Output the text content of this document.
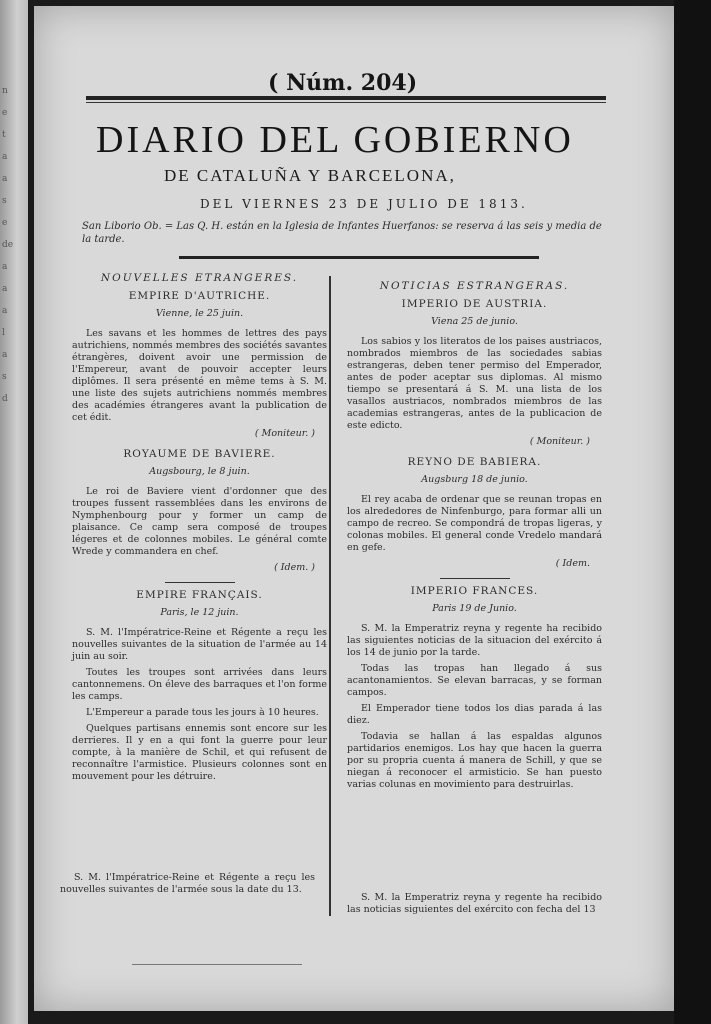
n
e
t
a
a
s
e
de
a
a
a
l
a
s
d
( Núm. 204)
DIARIO DEL GOBIERNO
DE CATALUÑA Y BARCELONA,
DEL VIERNES 23 DE JULIO DE 1813.
San Liborio Ob. = Las Q. H. están en la Iglesia de Infantes Huerfanos: se reserva á las seis y media de la tarde.
NOUVELLES ETRANGERES.
EMPIRE D'AUTRICHE.
Vienne, le 25 juin.

Les savans et les hommes de lettres des pays autrichiens, nommés membres des sociétés savantes étrangères, doivent avoir une permission de l'Empereur, avant de pouvoir accepter leurs diplômes. Il sera présenté en même tems à S. M. une liste des sujets autrichiens nommés membres des académies étrangeres avant la publication de cet édit.

( Moniteur. )
ROYAUME DE BAVIERE.
Augsbourg, le 8 juin.

Le roi de Baviere vient d'ordonner que des troupes fussent rassemblées dans les environs de Nymphenbourg pour y former un camp de plaisance. Ce camp sera composé de troupes légeres et de colonnes mobiles. Le général comte Wrede y commandera en chef.

( Idem. )
EMPIRE FRANÇAIS.
Paris, le 12 juin.

S. M. l'Impératrice-Reine et Régente a reçu les nouvelles suivantes de la situation de l'armée au 14 juin au soir.

Toutes les troupes sont arrivées dans leurs cantonnemens. On éleve des barraques et l'on forme les camps.

L'Empereur a parade tous les jours à 10 heures.

Quelques partisans ennemis sont encore sur les derrieres. Il y en a qui font la guerre pour leur compte, à la manière de Schil, et qui refusent de reconnaître l'armistice. Plusieurs colonnes sont en mouvement pour les détruire.

NOTICIAS ESTRANGERAS.
IMPERIO DE AUSTRIA.
Viena 25 de junio.

Los sabios y los literatos de los paises austriacos, nombrados miembros de las sociedades sabias estrangeras, deben tener permiso del Emperador, antes de poder aceptar sus diplomas. Al mismo tiempo se presentará á S. M. una lista de los vasallos austriacos, nombrados miembros de las academias estrangeras, antes de la publicacion de este edicto.

( Moniteur. )
REYNO DE BABIERA.
Augsburg 18 de junio.

El rey acaba de ordenar que se reunan tropas en los alrededores de Ninfenburgo, para formar alli un campo de recreo. Se compondrá de tropas ligeras, y colonas mobiles. El general conde Vredelo mandará en gefe.

( Idem.
IMPERIO FRANCES.
Paris 19 de Junio.

S. M. la Emperatriz reyna y regente ha recibido las siguientes noticias de la situacion del exército á los 14 de junio por la tarde.

Todas las tropas han llegado á sus acantonamientos. Se elevan barracas, y se forman campos.

El Emperador tiene todos los dias parada á las diez.

Todavia se hallan á las espaldas algunos partidarios enemigos. Los hay que hacen la guerra por su propria cuenta á manera de Schill, y que se niegan á reconocer el armisticio. Se han puesto varias colunas en movimiento para destruirlas.

S. M. l'Impératrice-Reine et Régente a reçu les nouvelles suivantes de l'armée sous la date du 13.

S. M. la Emperatriz reyna y regente ha recibido las noticias siguientes del exército con fecha del 13
